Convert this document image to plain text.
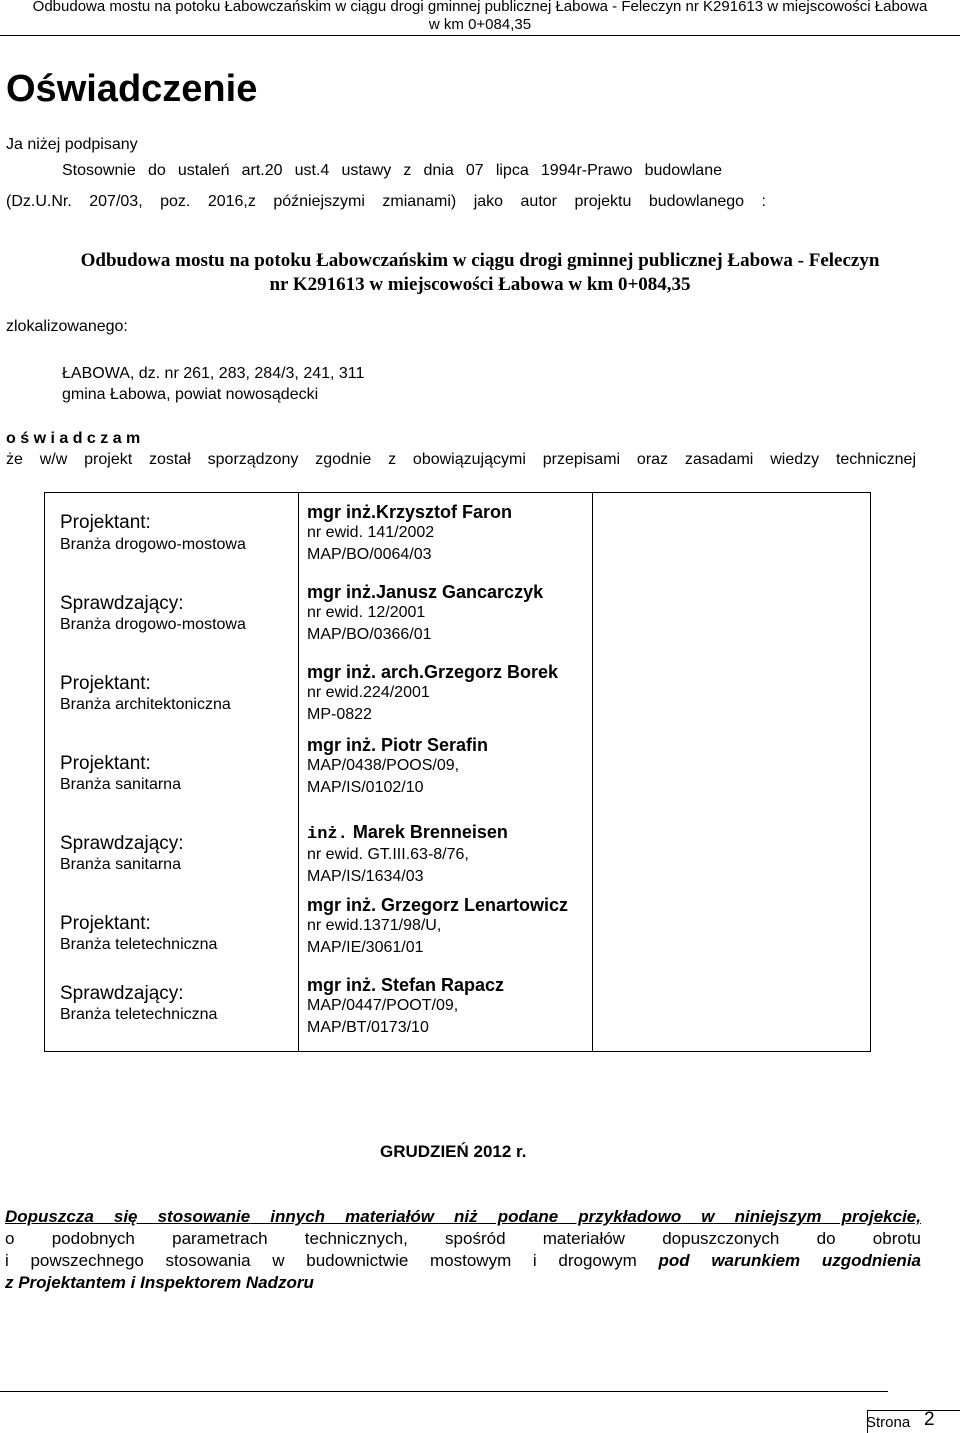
Odbudowa mostu na potoku Łabowczańskim w ciągu drogi gminnej publicznej Łabowa - Feleczyn nr K291613 w miejscowości Łabowa
w km 0+084,35
Oświadczenie
Ja niżej podpisany
Stosownie do ustaleń art.20 ust.4 ustawy z dnia 07 lipca 1994r-Prawo budowlane
(Dz.U.Nr. 207/03, poz. 2016,z późniejszymi zmianami) jako autor projektu budowlanego :
Odbudowa mostu na potoku Łabowczańskim w ciągu drogi gminnej publicznej Łabowa - Feleczyn
nr K291613 w miejscowości Łabowa w km 0+084,35
zlokalizowanego:
ŁABOWA, dz. nr 261, 283, 284/3, 241, 311
gmina Łabowa, powiat nowosądecki
o ś w i a d c z a m
że w/w projekt został sporządzony zgodnie z obowiązującymi przepisami oraz zasadami wiedzy technicznej
Projektant:
Branża drogowo-mostowa
Sprawdzający:
Branża drogowo-mostowa
Projektant:
Branża architektoniczna
Projektant:
Branża sanitarna
Sprawdzający:
Branża sanitarna
Projektant:
Branża teletechniczna
Sprawdzający:
Branża teletechniczna
mgr inż.Krzysztof Faron
nr ewid. 141/2002
MAP/BO/0064/03
mgr inż.Janusz Gancarczyk
nr ewid. 12/2001
MAP/BO/0366/01
mgr inż. arch.Grzegorz Borek
nr ewid.224/2001
MP-0822
mgr inż. Piotr Serafin
MAP/0438/POOS/09,
MAP/IS/0102/10
inż. Marek Brenneisen
nr ewid. GT.III.63-8/76,
MAP/IS/1634/03
mgr inż. Grzegorz Lenartowicz
nr ewid.1371/98/U,
MAP/IE/3061/01
mgr inż. Stefan Rapacz
MAP/0447/POOT/09,
MAP/BT/0173/10
GRUDZIEŃ 2012 r.
Dopuszcza się stosowanie innych materiałów niż podane przykładowo w niniejszym projekcie,
o podobnych parametrach technicznych, spośród materiałów dopuszczonych do obrotu
i powszechnego stosowania w budownictwie mostowym i drogowym pod warunkiem uzgodnienia
z Projektantem i Inspektorem Nadzoru
Strona 2
